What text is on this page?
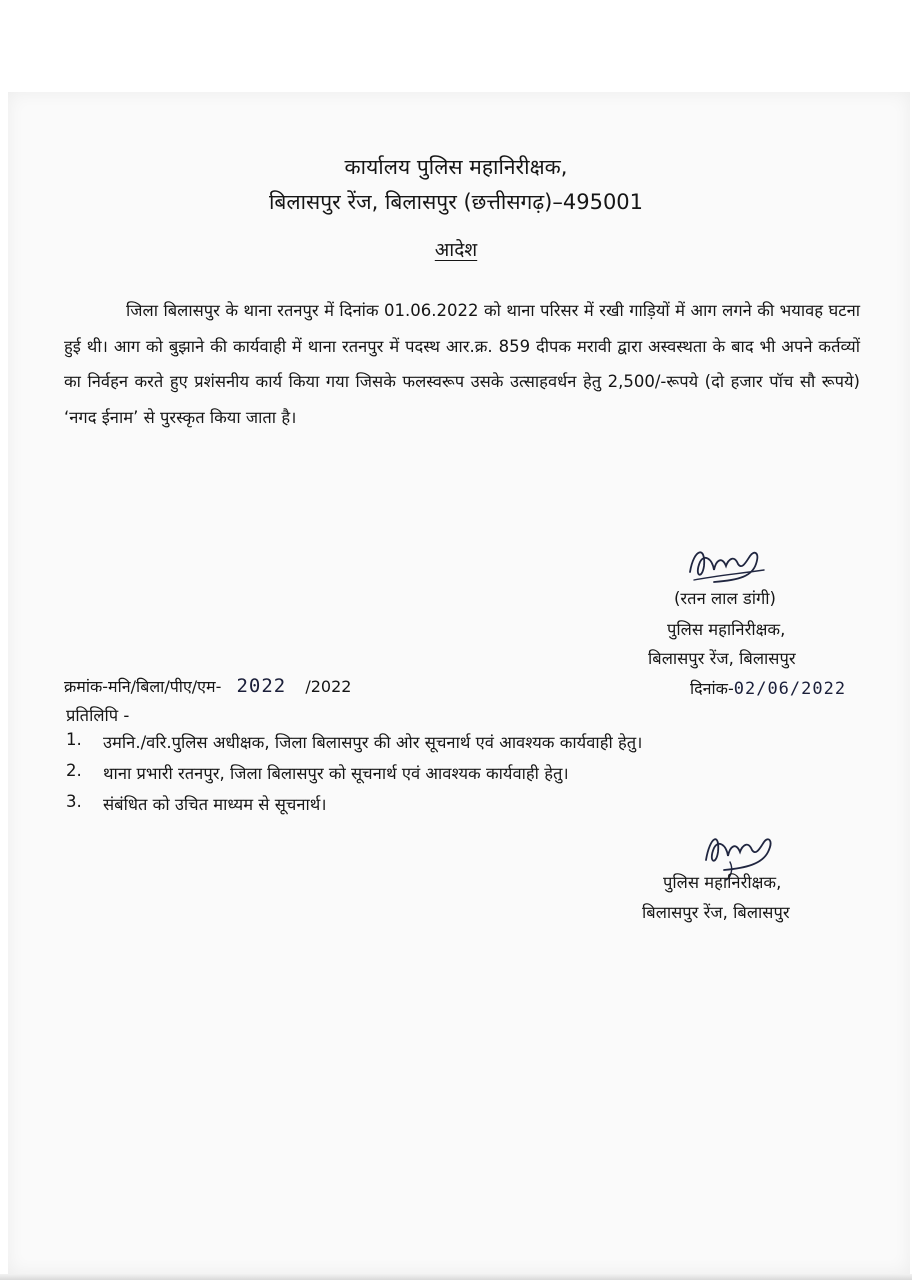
कार्यालय पुलिस महानिरीक्षक,
बिलासपुर रेंज, बिलासपुर (छत्तीसगढ़)–495001
आदेश
जिला बिलासपुर के थाना रतनपुर में दिनांक 01.06.2022 को थाना परिसर में रखी गाड़ियों में आग लगने की भयावह घटना हुई थी। आग को बुझाने की कार्यवाही में थाना रतनपुर में पदस्थ आर.क्र. 859 दीपक मरावी द्वारा अस्वस्थता के बाद भी अपने कर्तव्यों का निर्वहन करते हुए प्रशंसनीय कार्य किया गया जिसके फलस्वरूप उसके उत्साहवर्धन हेतु 2,500/-रूपये (दो हजार पॉच सौ रूपये) ‘नगद ईनाम’ से पुरस्कृत किया जाता है।
(रतन लाल डांगी)
पुलिस महानिरीक्षक,
बिलासपुर रेंज, बिलासपुर
क्रमांक-मनि/बिला/पीए/एम- 2022 /2022	दिनांक-02/06/2022
प्रतिलिपि -
1. उमनि./वरि.पुलिस अधीक्षक, जिला बिलासपुर की ओर सूचनार्थ एवं आवश्यक कार्यवाही हेतु।
2. थाना प्रभारी रतनपुर, जिला बिलासपुर को सूचनार्थ एवं आवश्यक कार्यवाही हेतु।
3. संबंधित को उचित माध्यम से सूचनार्थ।
पुलिस महानिरीक्षक,
बिलासपुर रेंज, बिलासपुर
